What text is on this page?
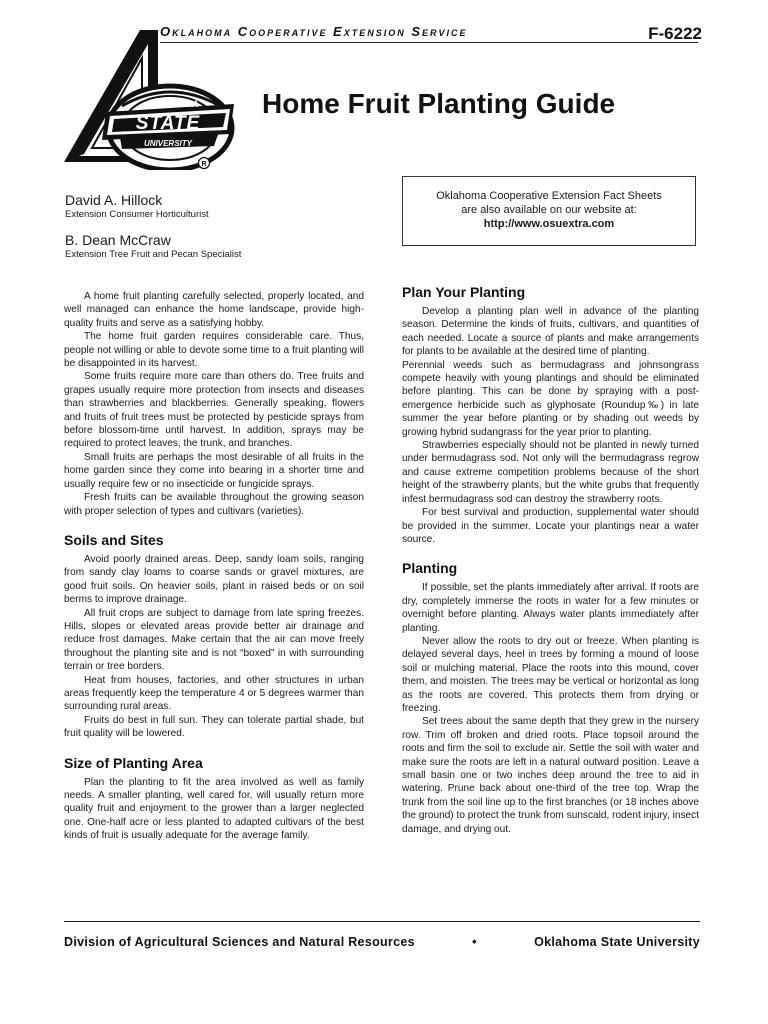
OKLAHOMA
STATE
UNIVERSITY
R
Oklahoma Cooperative Extension Service	F-6222
Home Fruit Planting Guide
David A. Hillock
Extension Consumer Horticulturist
B. Dean McCraw
Extension Tree Fruit and Pecan Specialist
Oklahoma Cooperative Extension Fact Sheets
are also available on our website at:
http://www.osuextra.com

A home fruit planting carefully selected, properly located, and well managed can enhance the home landscape, provide high-quality fruits and serve as a satisfying hobby.

The home fruit garden requires considerable care. Thus, people not willing or able to devote some time to a fruit planting will be disappointed in its harvest.

Some fruits require more care than others do. Tree fruits and grapes usually require more protection from insects and diseases than strawberries and blackberries. Generally speaking, flowers and fruits of fruit trees must be protected by pesticide sprays from before blossom-time until harvest. In addition, sprays may be required to protect leaves, the trunk, and branches.

Small fruits are perhaps the most desirable of all fruits in the home garden since they come into bearing in a shorter time and usually require few or no insecticide or fungicide sprays.

Fresh fruits can be available throughout the growing season with proper selection of types and cultivars (varieties).

Soils and Sites

Avoid poorly drained areas. Deep, sandy loam soils, ranging from sandy clay loams to coarse sands or gravel mixtures, are good fruit soils. On heavier soils, plant in raised beds or on soil berms to improve drainage.

All fruit crops are subject to damage from late spring freezes. Hills, slopes or elevated areas provide better air drainage and reduce frost damages. Make certain that the air can move freely throughout the planting site and is not “boxed” in with surrounding terrain or tree borders.

Heat from houses, factories, and other structures in urban areas frequently keep the temperature 4 or 5 degrees warmer than surrounding rural areas.

Fruits do best in full sun. They can tolerate partial shade, but fruit quality will be lowered.

Size of Planting Area

Plan the planting to fit the area involved as well as family needs. A smaller planting, well cared for, will usually return more quality fruit and enjoyment to the grower than a larger neglected one. One-half acre or less planted to adapted cultivars of the best kinds of fruit is usually adequate for the average family.

Plan Your Planting

Develop a planting plan well in advance of the planting season. Determine the kinds of fruits, cultivars, and quantities of each needed. Locate a source of plants and make arrangements for plants to be available at the desired time of planting.

Perennial weeds such as bermudagrass and johnsongrass compete heavily with young plantings and should be eliminated before planting. This can be done by spraying with a post-emergence herbicide such as glyphosate (Roundup‰) in late summer the year before planting or by shading out weeds by growing hybrid sudangrass for the year prior to planting.

Strawberries especially should not be planted in newly turned under bermudagrass sod. Not only will the bermudagrass regrow and cause extreme competition problems because of the short height of the strawberry plants, but the white grubs that frequently infest bermudagrass sod can destroy the strawberry roots.

For best survival and production, supplemental water should be provided in the summer. Locate your plantings near a water source.

Planting

If possible, set the plants immediately after arrival. If roots are dry, completely immerse the roots in water for a few minutes or overnight before planting. Always water plants immediately after planting.

Never allow the roots to dry out or freeze. When planting is delayed several days, heel in trees by forming a mound of loose soil or mulching material. Place the roots into this mound, cover them, and moisten. The trees may be vertical or horizontal as long as the roots are covered. This protects them from drying or freezing.

Set trees about the same depth that they grew in the nursery row. Trim off broken and dried roots. Place topsoil around the roots and firm the soil to exclude air. Settle the soil with water and make sure the roots are left in a natural outward position. Leave a small basin one or two inches deep around the tree to aid in watering. Prune back about one-third of the tree top. Wrap the trunk from the soil line up to the first branches (or 18 inches above the ground) to protect the trunk from sunscald, rodent injury, insect damage, and drying out.

Division of Agricultural Sciences and Natural Resources	•	Oklahoma State University
